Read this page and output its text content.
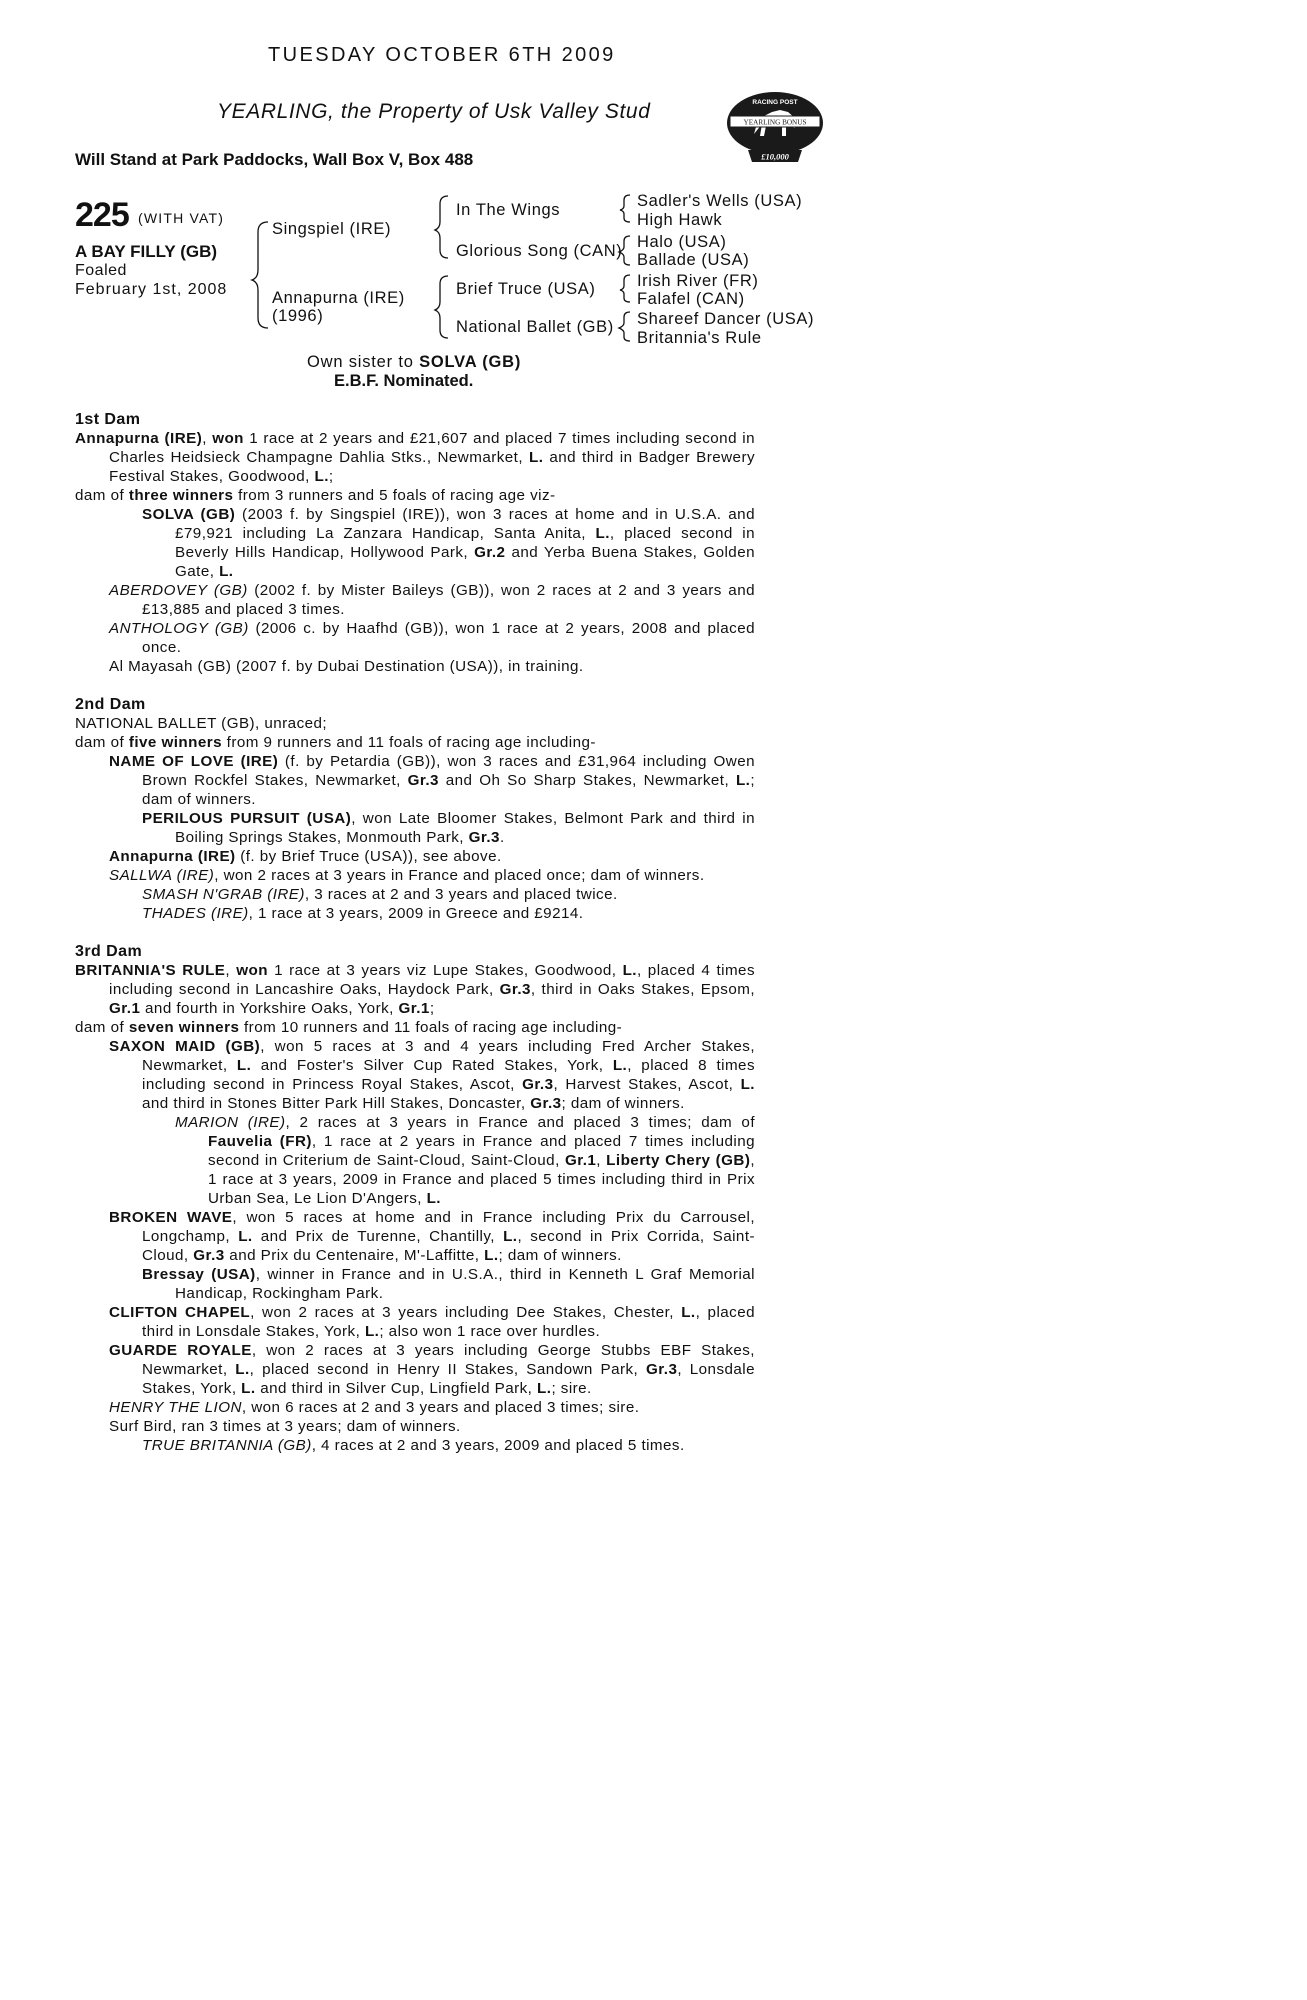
TUESDAY OCTOBER 6TH 2009
YEARLING, the Property of Usk Valley Stud
Will Stand at Park Paddocks, Wall Box V, Box 488
RACING POST
YEARLING BONUS
£10,000
225 (WITH VAT)
A BAY FILLY (GB)
Foaled
February 1st, 2008
Singspiel (IRE)
Annapurna (IRE)
(1996)
In The Wings
Glorious Song (CAN)
Brief Truce (USA)
National Ballet (GB)
Sadler's Wells (USA)
High Hawk
Halo (USA)
Ballade (USA)
Irish River (FR)
Falafel (CAN)
Shareef Dancer (USA)
Britannia's Rule
Own sister to SOLVA (GB)
E.B.F. Nominated.

1st Dam

Annapurna (IRE), won 1 race at 2 years and £21,607 and placed 7 times including second in Charles Heidsieck Champagne Dahlia Stks., Newmarket, L. and third in Badger Brewery Festival Stakes, Goodwood, L.;

dam of three winners from 3 runners and 5 foals of racing age viz-

SOLVA (GB) (2003 f. by Singspiel (IRE)), won 3 races at home and in U.S.A. and £79,921 including La Zanzara Handicap, Santa Anita, L., placed second in Beverly Hills Handicap, Hollywood Park, Gr.2 and Yerba Buena Stakes, Golden Gate, L.

ABERDOVEY (GB) (2002 f. by Mister Baileys (GB)), won 2 races at 2 and 3 years and £13,885 and placed 3 times.

ANTHOLOGY (GB) (2006 c. by Haafhd (GB)), won 1 race at 2 years, 2008 and placed once.

Al Mayasah (GB) (2007 f. by Dubai Destination (USA)), in training.

2nd Dam

NATIONAL BALLET (GB), unraced;

dam of five winners from 9 runners and 11 foals of racing age including-

NAME OF LOVE (IRE) (f. by Petardia (GB)), won 3 races and £31,964 including Owen Brown Rockfel Stakes, Newmarket, Gr.3 and Oh So Sharp Stakes, Newmarket, L.; dam of winners.

PERILOUS PURSUIT (USA), won Late Bloomer Stakes, Belmont Park and third in Boiling Springs Stakes, Monmouth Park, Gr.3.

Annapurna (IRE) (f. by Brief Truce (USA)), see above.

SALLWA (IRE), won 2 races at 3 years in France and placed once; dam of winners.

SMASH N'GRAB (IRE), 3 races at 2 and 3 years and placed twice.

THADES (IRE), 1 race at 3 years, 2009 in Greece and £9214.

3rd Dam

BRITANNIA'S RULE, won 1 race at 3 years viz Lupe Stakes, Goodwood, L., placed 4 times including second in Lancashire Oaks, Haydock Park, Gr.3, third in Oaks Stakes, Epsom, Gr.1 and fourth in Yorkshire Oaks, York, Gr.1;

dam of seven winners from 10 runners and 11 foals of racing age including-

SAXON MAID (GB), won 5 races at 3 and 4 years including Fred Archer Stakes, Newmarket, L. and Foster's Silver Cup Rated Stakes, York, L., placed 8 times including second in Princess Royal Stakes, Ascot, Gr.3, Harvest Stakes, Ascot, L. and third in Stones Bitter Park Hill Stakes, Doncaster, Gr.3; dam of winners.

MARION (IRE), 2 races at 3 years in France and placed 3 times; dam of Fauvelia (FR), 1 race at 2 years in France and placed 7 times including second in Criterium de Saint-Cloud, Saint-Cloud, Gr.1, Liberty Chery (GB), 1 race at 3 years, 2009 in France and placed 5 times including third in Prix Urban Sea, Le Lion D'Angers, L.

BROKEN WAVE, won 5 races at home and in France including Prix du Carrousel, Longchamp, L. and Prix de Turenne, Chantilly, L., second in Prix Corrida, Saint-Cloud, Gr.3 and Prix du Centenaire, M'-Laffitte, L.; dam of winners.

Bressay (USA), winner in France and in U.S.A., third in Kenneth L Graf Memorial Handicap, Rockingham Park.

CLIFTON CHAPEL, won 2 races at 3 years including Dee Stakes, Chester, L., placed third in Lonsdale Stakes, York, L.; also won 1 race over hurdles.

GUARDE ROYALE, won 2 races at 3 years including George Stubbs EBF Stakes, Newmarket, L., placed second in Henry II Stakes, Sandown Park, Gr.3, Lonsdale Stakes, York, L. and third in Silver Cup, Lingfield Park, L.; sire.

HENRY THE LION, won 6 races at 2 and 3 years and placed 3 times; sire.

Surf Bird, ran 3 times at 3 years; dam of winners.

TRUE BRITANNIA (GB), 4 races at 2 and 3 years, 2009 and placed 5 times.
